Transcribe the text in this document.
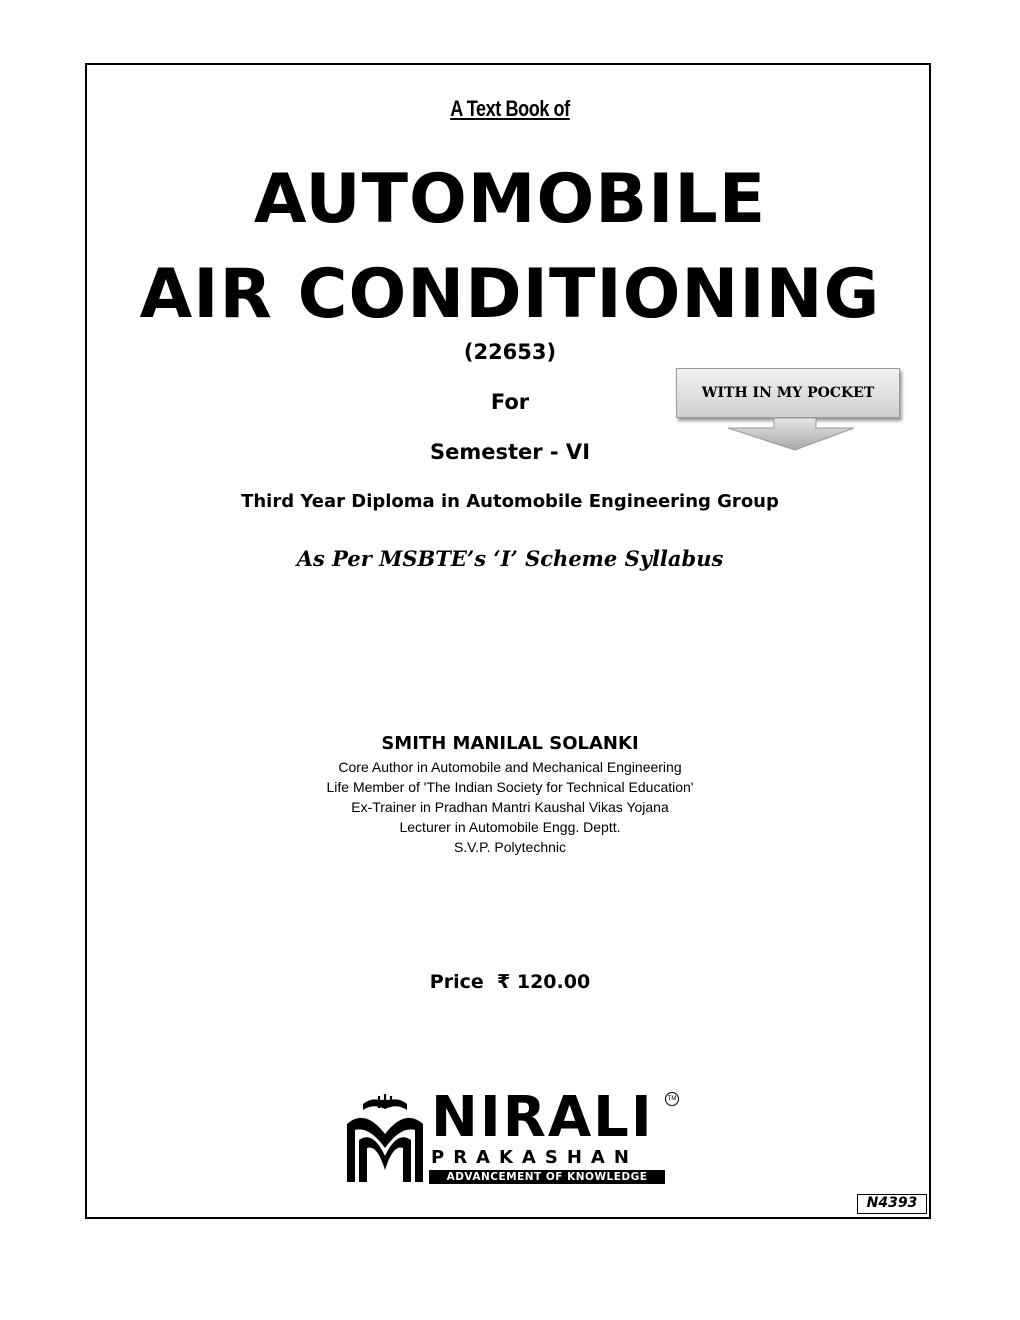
A Text Book of
AUTOMOBILE
AIR CONDITIONING
(22653)
For
Semester - VI
Third Year Diploma in Automobile Engineering Group
As Per MSBTE’s ‘I’ Scheme Syllabus
WITH IN MY POCKET
SMITH MANILAL SOLANKI
Core Author in Automobile and Mechanical Engineering
Life Member of 'The Indian Society for Technical Education'
Ex-Trainer in Pradhan Mantri Kaushal Vikas Yojana
Lecturer in Automobile Engg. Deptt.
S.V.P. Polytechnic
Price ₹ 120.00
NIRALI	TM
PRAKASHAN
ADVANCEMENT OF KNOWLEDGE
N4393
